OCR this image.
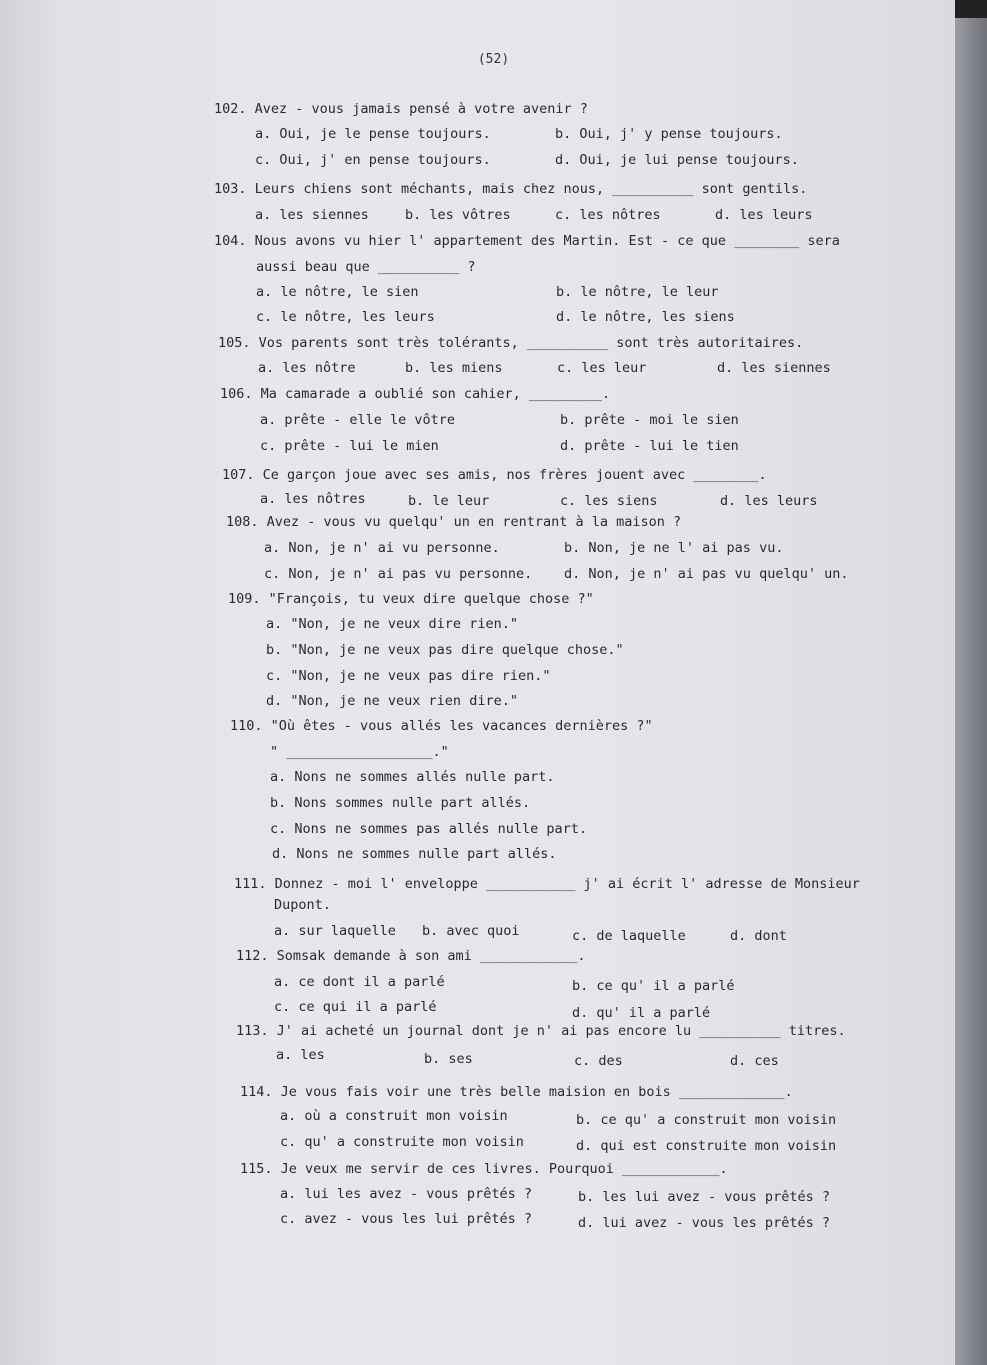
(52)
102. Avez - vous jamais pensé à votre avenir ?
a. Oui, je le pense toujours.	b. Oui, j' y pense toujours.
c. Oui, j' en pense toujours.	d. Oui, je lui pense toujours.
103. Leurs chiens sont méchants, mais chez nous, __________ sont gentils.
a. les siennes	b. les vôtres	c. les nôtres	d. les leurs
104. Nous avons vu hier l' appartement des Martin. Est - ce que ________ sera
aussi beau que __________ ?
a. le nôtre, le sien	b. le nôtre, le leur
c. le nôtre, les leurs	d. le nôtre, les siens
105. Vos parents sont très tolérants, __________ sont très autoritaires.
a. les nôtre	b. les miens	c. les leur	d. les siennes
106. Ma camarade a oublié son cahier, _________.
a. prête - elle le vôtre	b. prête - moi le sien
c. prête - lui le mien	d. prête - lui le tien
107. Ce garçon joue avec ses amis, nos frères jouent avec ________.
a. les nôtres	b. le leur	c. les siens	d. les leurs
108. Avez - vous vu quelqu' un en rentrant à la maison ?
a. Non, je n' ai vu personne.	b. Non, je ne l' ai pas vu.
c. Non, je n' ai pas vu personne. d. Non, je n' ai pas vu quelqu' un.
109. "François, tu veux dire quelque chose ?"
a. "Non, je ne veux dire rien."
b. "Non, je ne veux pas dire quelque chose."
c. "Non, je ne veux pas dire rien."
d. "Non, je ne veux rien dire."
110. "Où êtes - vous allés les vacances dernières ?"
" __________________."
a. Nons ne sommes allés nulle part.
b. Nons sommes nulle part allés.
c. Nons ne sommes pas allés nulle part.
d. Nons ne sommes nulle part allés.
111. Donnez - moi l' enveloppe ___________ j' ai écrit l' adresse de Monsieur
Dupont.
a. sur laquelle b. avec quoi	c. de laquelle	d. dont
112. Somsak demande à son ami ____________.
a. ce dont il a parlé	b. ce qu' il a parlé
c. ce qui il a parlé	d. qu' il a parlé
113. J' ai acheté un journal dont je n' ai pas encore lu __________ titres.
a. les	b. ses	c. des	d. ces
114. Je vous fais voir une très belle maision en bois _____________.
a. où a construit mon voisin	b. ce qu' a construit mon voisin
c. qu' a construite mon voisin	d. qui est construite mon voisin
115. Je veux me servir de ces livres. Pourquoi ____________.
a. lui les avez - vous prêtés ?	b. les lui avez - vous prêtés ?
c. avez - vous les lui prêtés ?	d. lui avez - vous les prêtés ?
